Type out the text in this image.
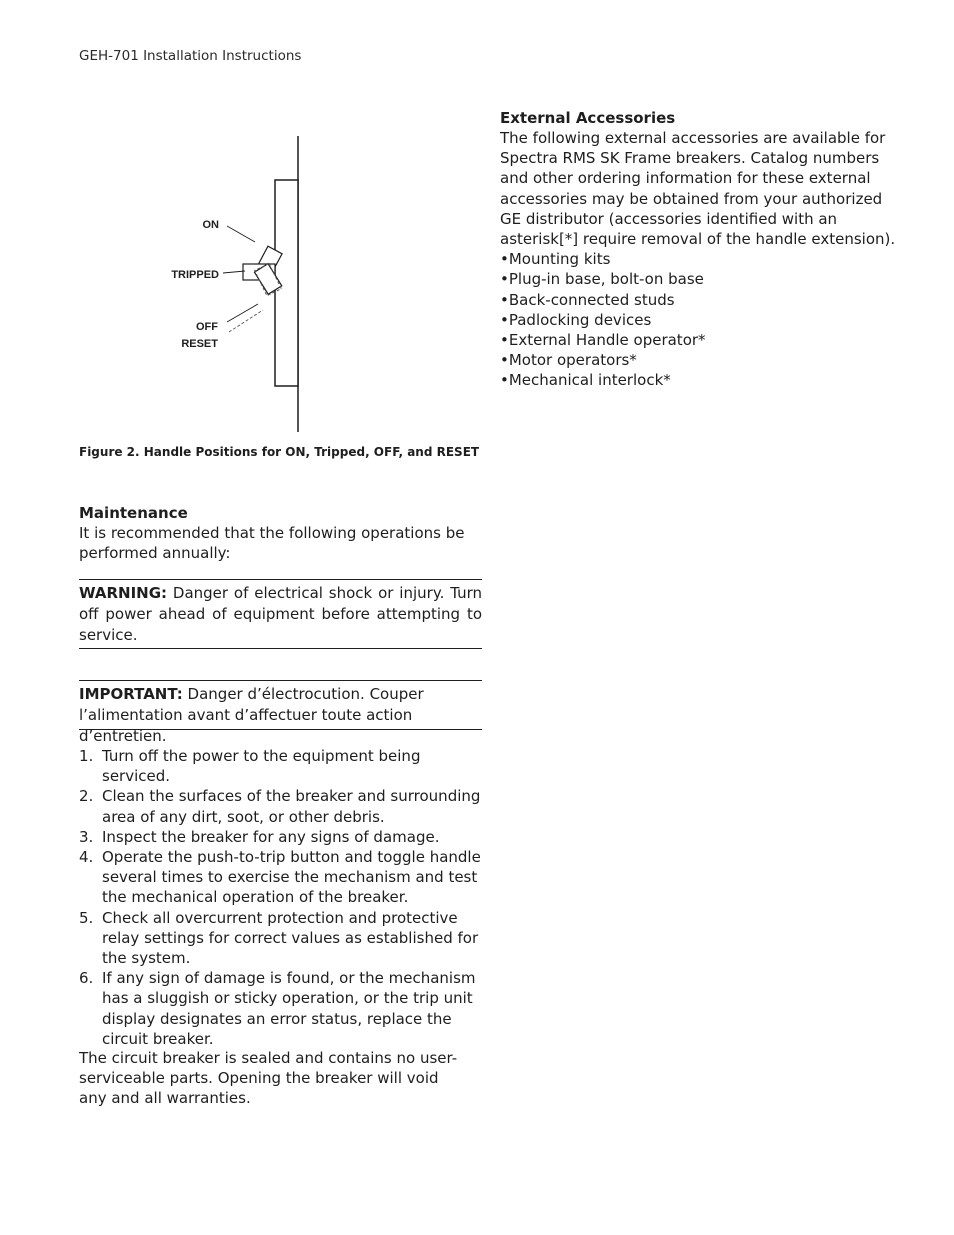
GEH-701 Installation Instructions
ON
TRIPPED
OFF
RESET
Figure 2. Handle Positions for ON, Tripped, OFF, and RESET

Maintenance

It is recommended that the following operations be performed annually:

WARNING: Danger of electrical shock or injury. Turn off power ahead of equipment before attempting to service.
IMPORTANT: Danger d’électrocution. Couper l’alimentation avant d’affectuer toute action d’entretien.
1. Turn off the power to the equipment being serviced.
2. Clean the surfaces of the breaker and surrounding area of any dirt, soot, or other debris.
3. Inspect the breaker for any signs of damage.
4. Operate the push-to-trip button and toggle handle several times to exercise the mechanism and test the mechanical operation of the breaker.
5. Check all overcurrent protection and protective relay settings for correct values as established for the system.
6. If any sign of damage is found, or the mechanism has a sluggish or sticky operation, or the trip unit display designates an error status, replace the circuit breaker.

The circuit breaker is sealed and contains no user-serviceable parts. Opening the breaker will void any and all warranties.

External Accessories

The following external accessories are available for Spectra RMS SK Frame breakers. Catalog numbers and other ordering information for these external accessories may be obtained from your authorized GE distributor (accessories identified with an asterisk[*] require removal of the handle extension).

• Mounting kits
• Plug-in base, bolt-on base
• Back-connected studs
• Padlocking devices
• External Handle operator*
• Motor operators*
• Mechanical interlock*
